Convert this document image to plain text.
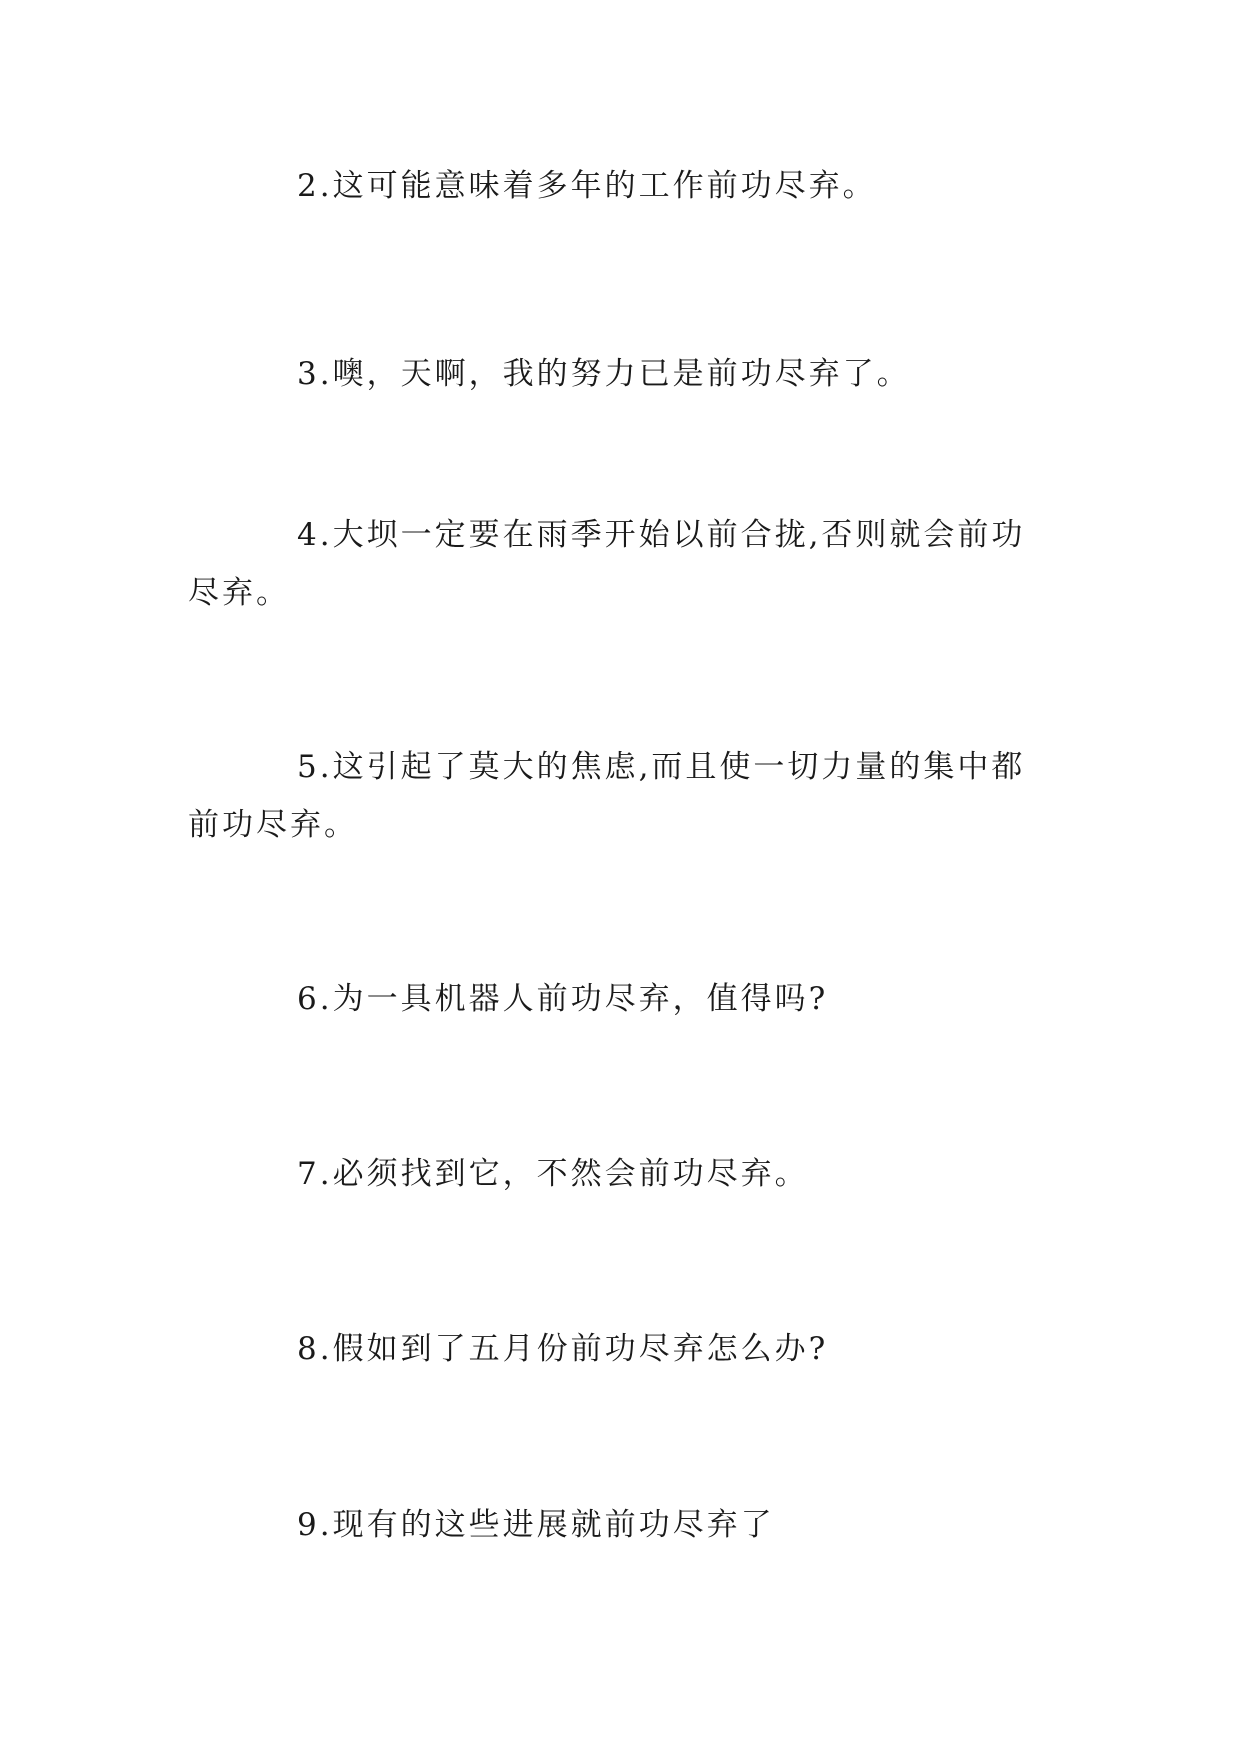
2.这可能意味着多年的工作前功尽弃。

3.噢，天啊，我的努力已是前功尽弃了。

4.大坝一定要在雨季开始以前合拢,否则就会前功尽弃。

5.这引起了莫大的焦虑,而且使一切力量的集中都前功尽弃。

6.为一具机器人前功尽弃，值得吗?

7.必须找到它，不然会前功尽弃。

8.假如到了五月份前功尽弃怎么办?

9.现有的这些进展就前功尽弃了
